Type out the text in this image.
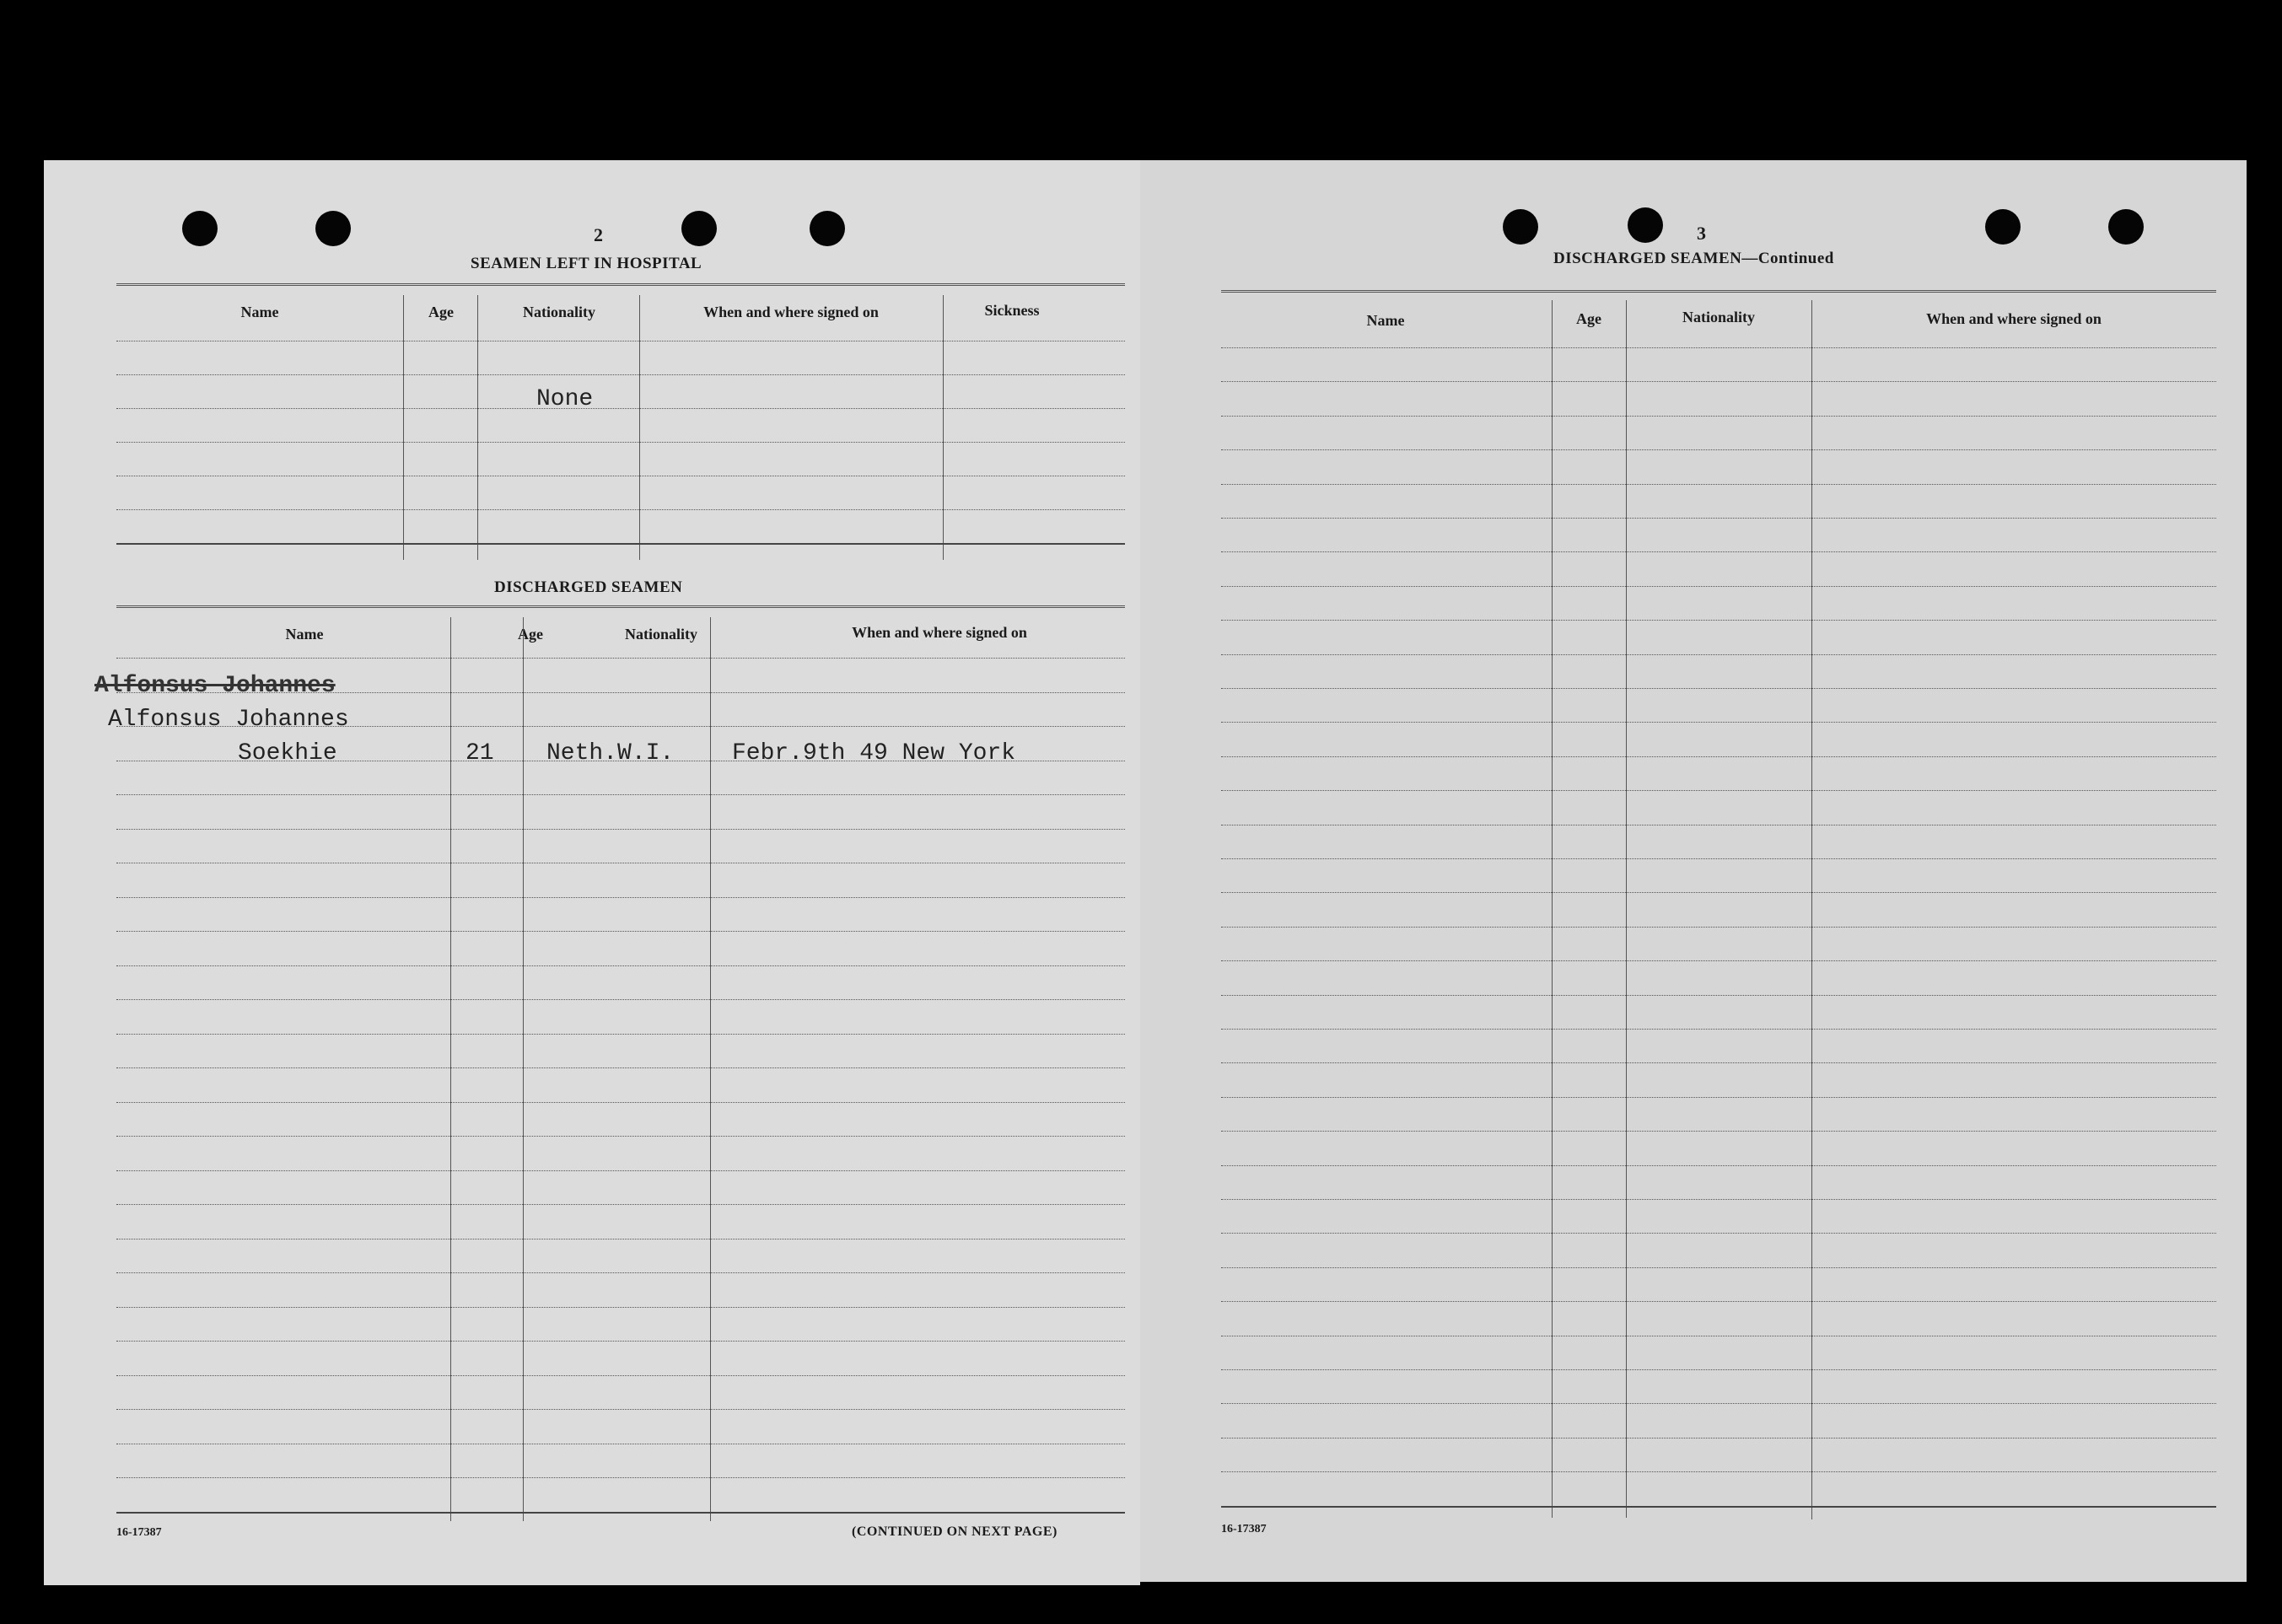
2
SEAMEN LEFT IN HOSPITAL
Name	Age	Nationality	When and where signed on	Sickness
None
DISCHARGED SEAMEN
Name	Age	Nationality	When and where signed on
Alfonsus Johannes
Alfonsus Johannes
Soekhie	21 Neth.W.I. Febr.9th 49 New York
16-17387	(CONTINUED ON NEXT PAGE)
3
DISCHARGED SEAMEN—Continued
Name	Age	Nationality	When and where signed on
16-17387
